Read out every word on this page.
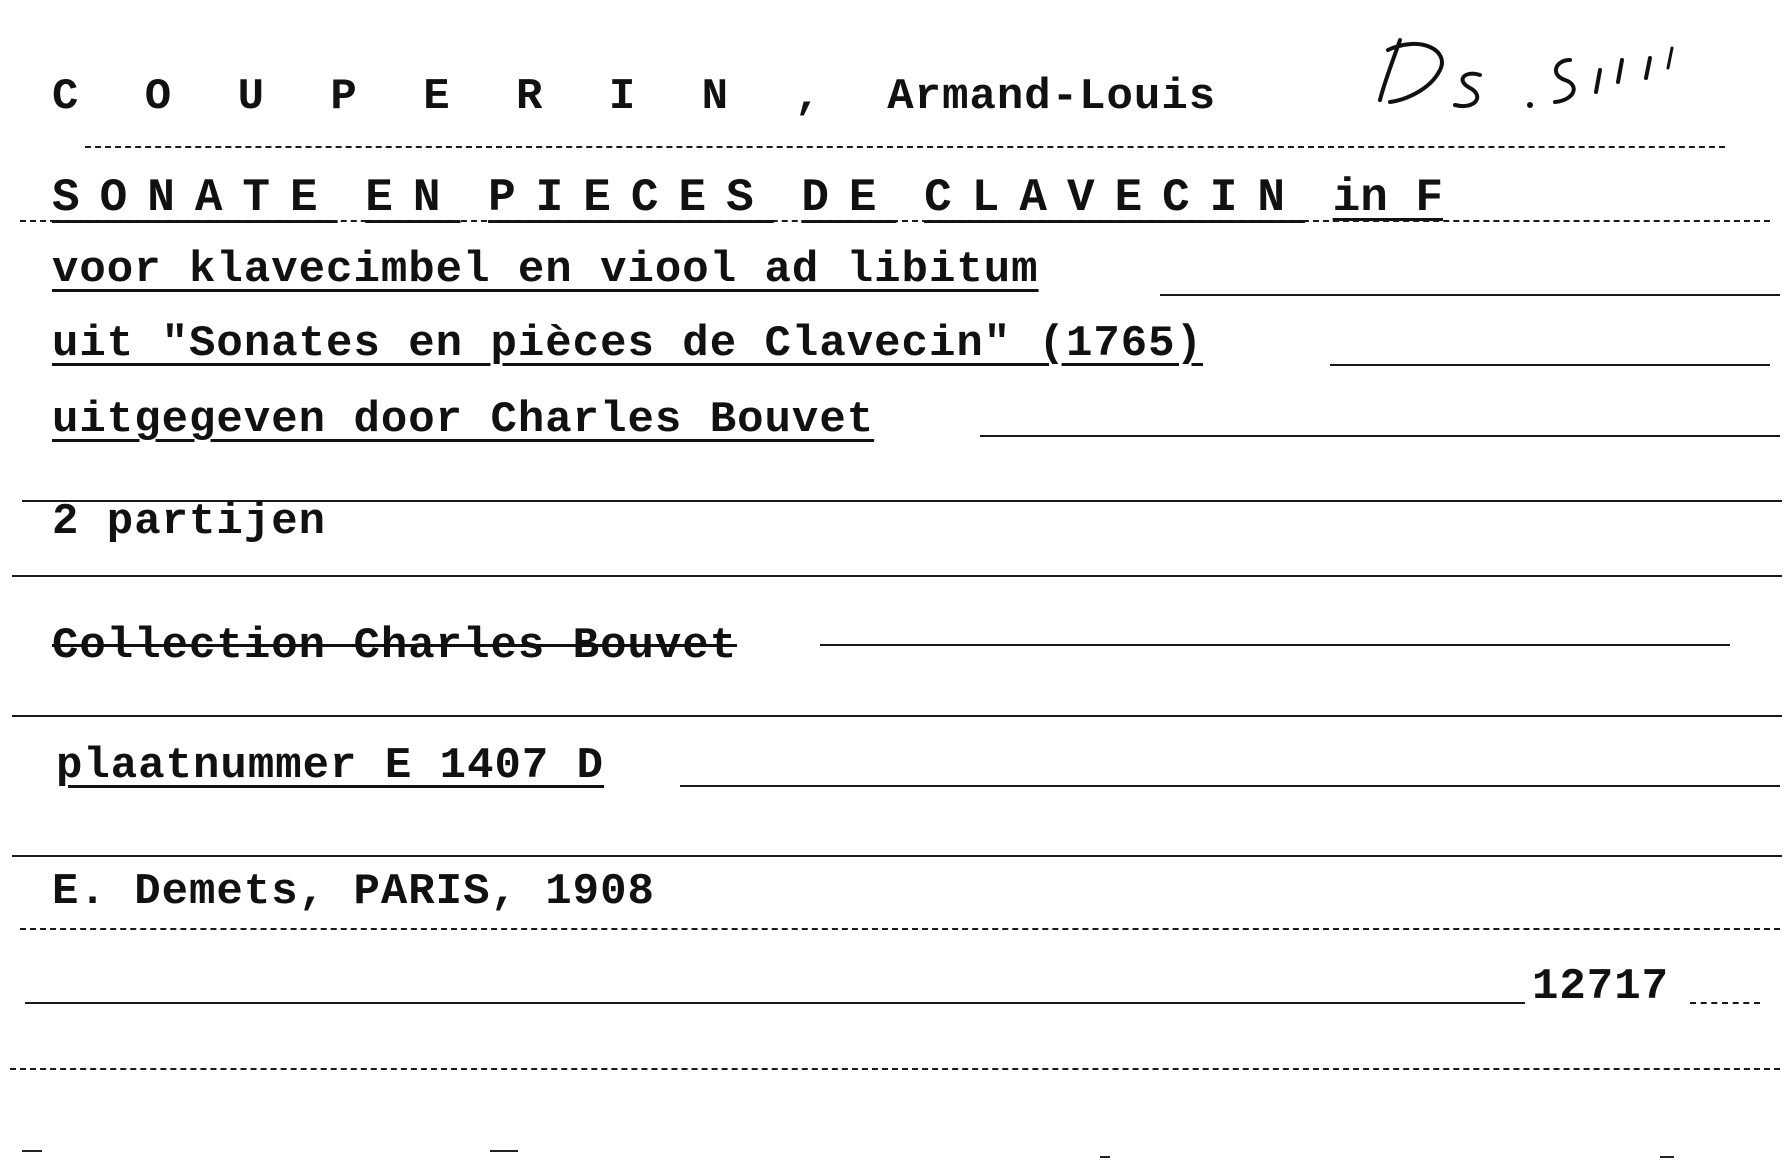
C O U P E R I N , Armand-Louis
SONATE EN PIECES DE CLAVECIN in F
voor klavecimbel en viool ad libitum
uit "Sonates en pièces de Clavecin" (1765)
uitgegeven door Charles Bouvet
2 partijen
Collection Charles Bouvet
plaatnummer E 1407 D
E. Demets, PARIS, 1908
12717
